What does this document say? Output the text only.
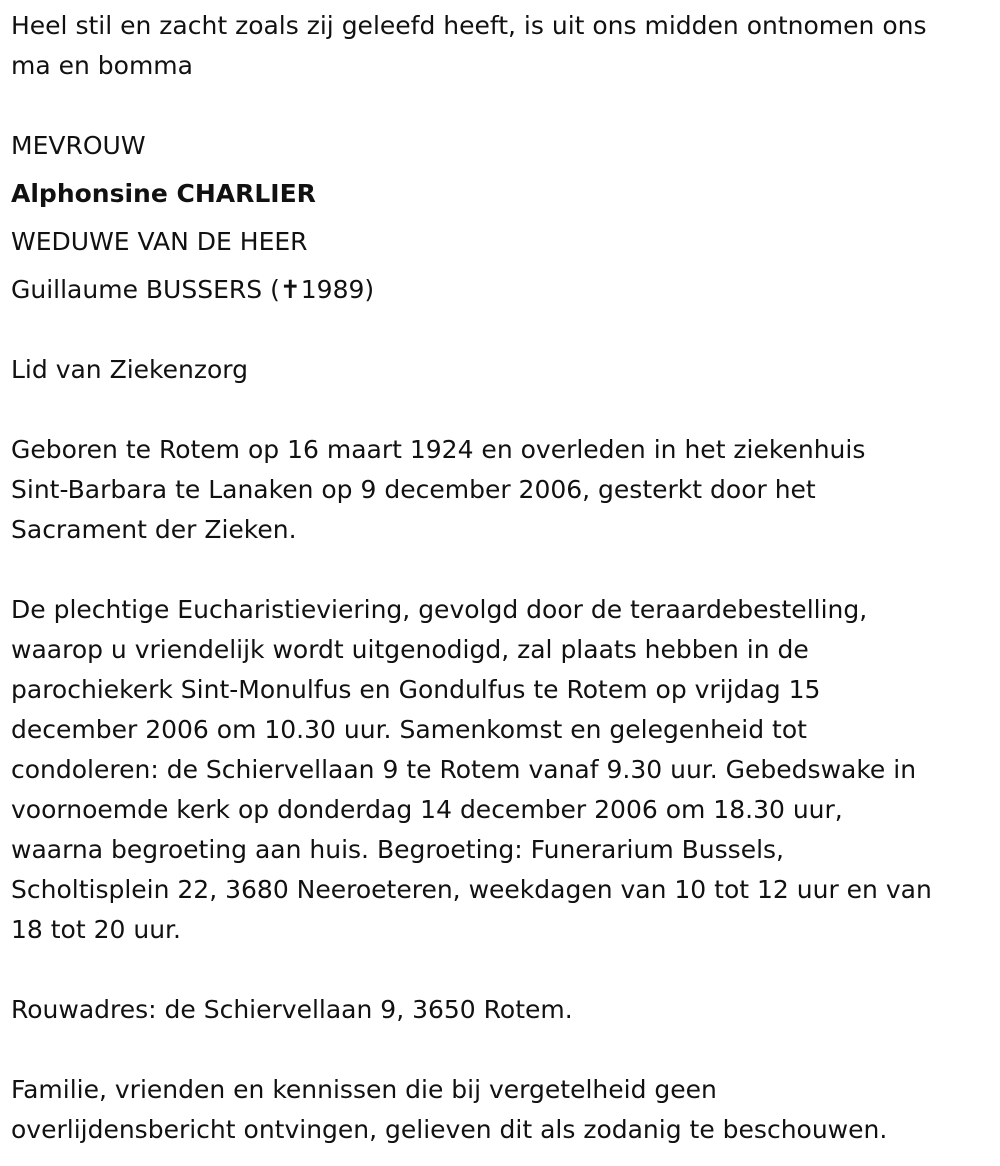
Heel stil en zacht zoals zij geleefd heeft, is uit ons midden ontnomen ons
ma en bomma
MEVROUW
Alphonsine CHARLIER
WEDUWE VAN DE HEER
Guillaume BUSSERS (✝1989)
Lid van Ziekenzorg
Geboren te Rotem op 16 maart 1924 en overleden in het ziekenhuis
Sint-Barbara te Lanaken op 9 december 2006, gesterkt door het
Sacrament der Zieken.
De plechtige Eucharistieviering, gevolgd door de teraardebestelling,
waarop u vriendelijk wordt uitgenodigd, zal plaats hebben in de
parochiekerk Sint-Monulfus en Gondulfus te Rotem op vrijdag 15
december 2006 om 10.30 uur. Samenkomst en gelegenheid tot
condoleren: de Schiervellaan 9 te Rotem vanaf 9.30 uur. Gebedswake in
voornoemde kerk op donderdag 14 december 2006 om 18.30 uur,
waarna begroeting aan huis. Begroeting: Funerarium Bussels,
Scholtisplein 22, 3680 Neeroeteren, weekdagen van 10 tot 12 uur en van
18 tot 20 uur.
Rouwadres: de Schiervellaan 9, 3650 Rotem.
Familie, vrienden en kennissen die bij vergetelheid geen
overlijdensbericht ontvingen, gelieven dit als zodanig te beschouwen.
